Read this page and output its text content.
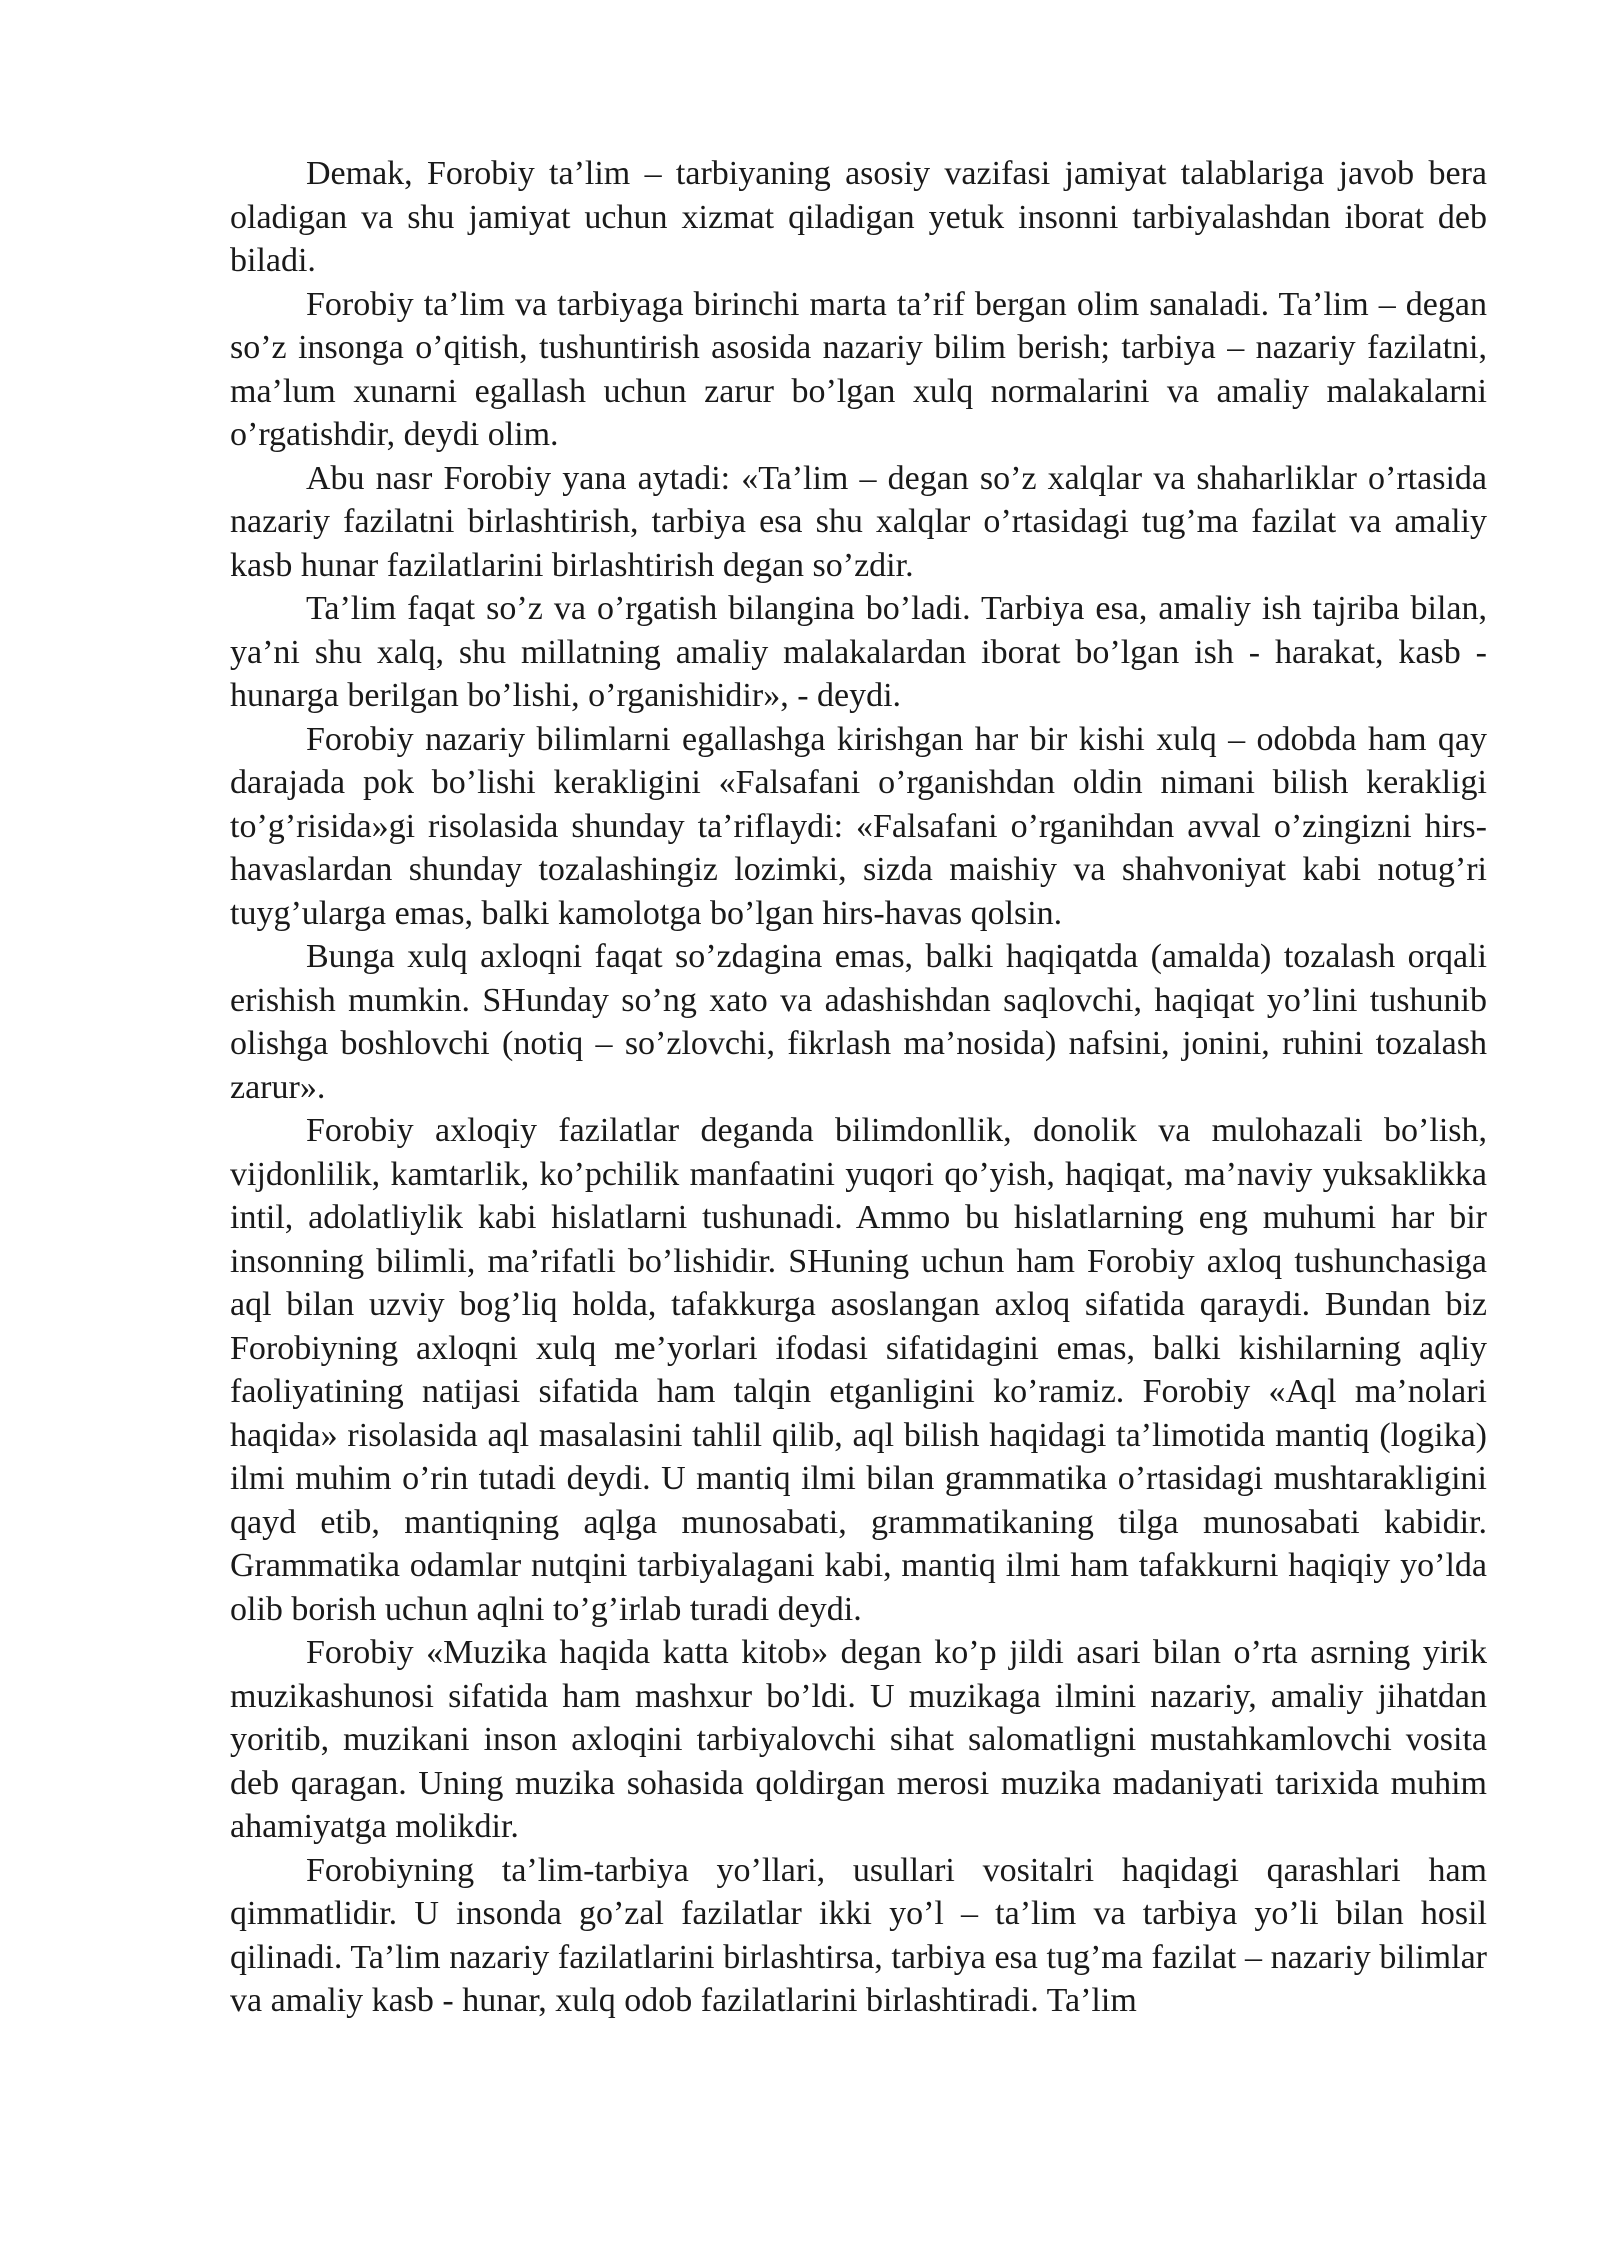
Demak, Forobiy ta’lim – tarbiyaning asosiy vazifasi jamiyat talablariga javob bera oladigan va shu jamiyat uchun xizmat qiladigan yetuk insonni tarbiyalashdan iborat deb biladi.

Forobiy ta’lim va tarbiyaga birinchi marta ta’rif bergan olim sanaladi. Ta’lim – degan so’z insonga o’qitish, tushuntirish asosida nazariy bilim berish; tarbiya – nazariy fazilatni, ma’lum xunarni egallash uchun zarur bo’lgan xulq normalarini va amaliy malakalarni o’rgatishdir, deydi olim.

Abu nasr Forobiy yana aytadi: «Ta’lim – degan so’z xalqlar va shaharliklar o’rtasida nazariy fazilatni birlashtirish, tarbiya esa shu xalqlar o’rtasidagi tug’ma fazilat va amaliy kasb hunar fazilatlarini birlashtirish degan so’zdir.

Ta’lim faqat so’z va o’rgatish bilangina bo’ladi. Tarbiya esa, amaliy ish tajriba bilan, ya’ni shu xalq, shu millatning amaliy malakalardan iborat bo’lgan ish - harakat, kasb - hunarga berilgan bo’lishi, o’rganishidir», - deydi.

Forobiy nazariy bilimlarni egallashga kirishgan har bir kishi xulq – odobda ham qay darajada pok bo’lishi kerakligini «Falsafani o’rganishdan oldin nimani bilish kerakligi to’g’risida»gi risolasida shunday ta’riflaydi: «Falsafani o’rganihdan avval o’zingizni hirs-havaslardan shunday tozalashingiz lozimki, sizda maishiy va shahvoniyat kabi notug’ri tuyg’ularga emas, balki kamolotga bo’lgan hirs-havas qolsin.

Bunga xulq axloqni faqat so’zdagina emas, balki haqiqatda (amalda) tozalash orqali erishish mumkin. SHunday so’ng xato va adashishdan saqlovchi, haqiqat yo’lini tushunib olishga boshlovchi (notiq – so’zlovchi, fikrlash ma’nosida) nafsini, jonini, ruhini tozalash zarur».

Forobiy axloqiy fazilatlar deganda bilimdonllik, donolik va mulohazali bo’lish, vijdonlilik, kamtarlik, ko’pchilik manfaatini yuqori qo’yish, haqiqat, ma’naviy yuksaklikka intil, adolatliylik kabi hislatlarni tushunadi. Ammo bu hislatlarning eng muhumi har bir insonning bilimli, ma’rifatli bo’lishidir. SHuning uchun ham Forobiy axloq tushunchasiga aql bilan uzviy bog’liq holda, tafakkurga asoslangan axloq sifatida qaraydi. Bundan biz Forobiyning axloqni xulq me’yorlari ifodasi sifatidagini emas, balki kishilarning aqliy faoliyatining natijasi sifatida ham talqin etganligini ko’ramiz. Forobiy «Aql ma’nolari haqida» risolasida aql masalasini tahlil qilib, aql bilish haqidagi ta’limotida mantiq (logika) ilmi muhim o’rin tutadi deydi. U mantiq ilmi bilan grammatika o’rtasidagi mushtarakligini qayd etib, mantiqning aqlga munosabati, grammatikaning tilga munosabati kabidir. Grammatika odamlar nutqini tarbiyalagani kabi, mantiq ilmi ham tafakkurni haqiqiy yo’lda olib borish uchun aqlni to’g’irlab turadi deydi.

Forobiy «Muzika haqida katta kitob» degan ko’p jildi asari bilan o’rta asrning yirik muzikashunosi sifatida ham mashxur bo’ldi. U muzikaga ilmini nazariy, amaliy jihatdan yoritib, muzikani inson axloqini tarbiyalovchi sihat salomatligni mustahkamlovchi vosita deb qaragan. Uning muzika sohasida qoldirgan merosi muzika madaniyati tarixida muhim ahamiyatga molikdir.

Forobiyning ta’lim-tarbiya yo’llari, usullari vositalri haqidagi qarashlari ham qimmatlidir. U insonda go’zal fazilatlar ikki yo’l – ta’lim va tarbiya yo’li bilan hosil qilinadi. Ta’lim nazariy fazilatlarini birlashtirsa, tarbiya esa tug’ma fazilat – nazariy bilimlar va amaliy kasb - hunar, xulq odob fazilatlarini birlashtiradi. Ta’lim
